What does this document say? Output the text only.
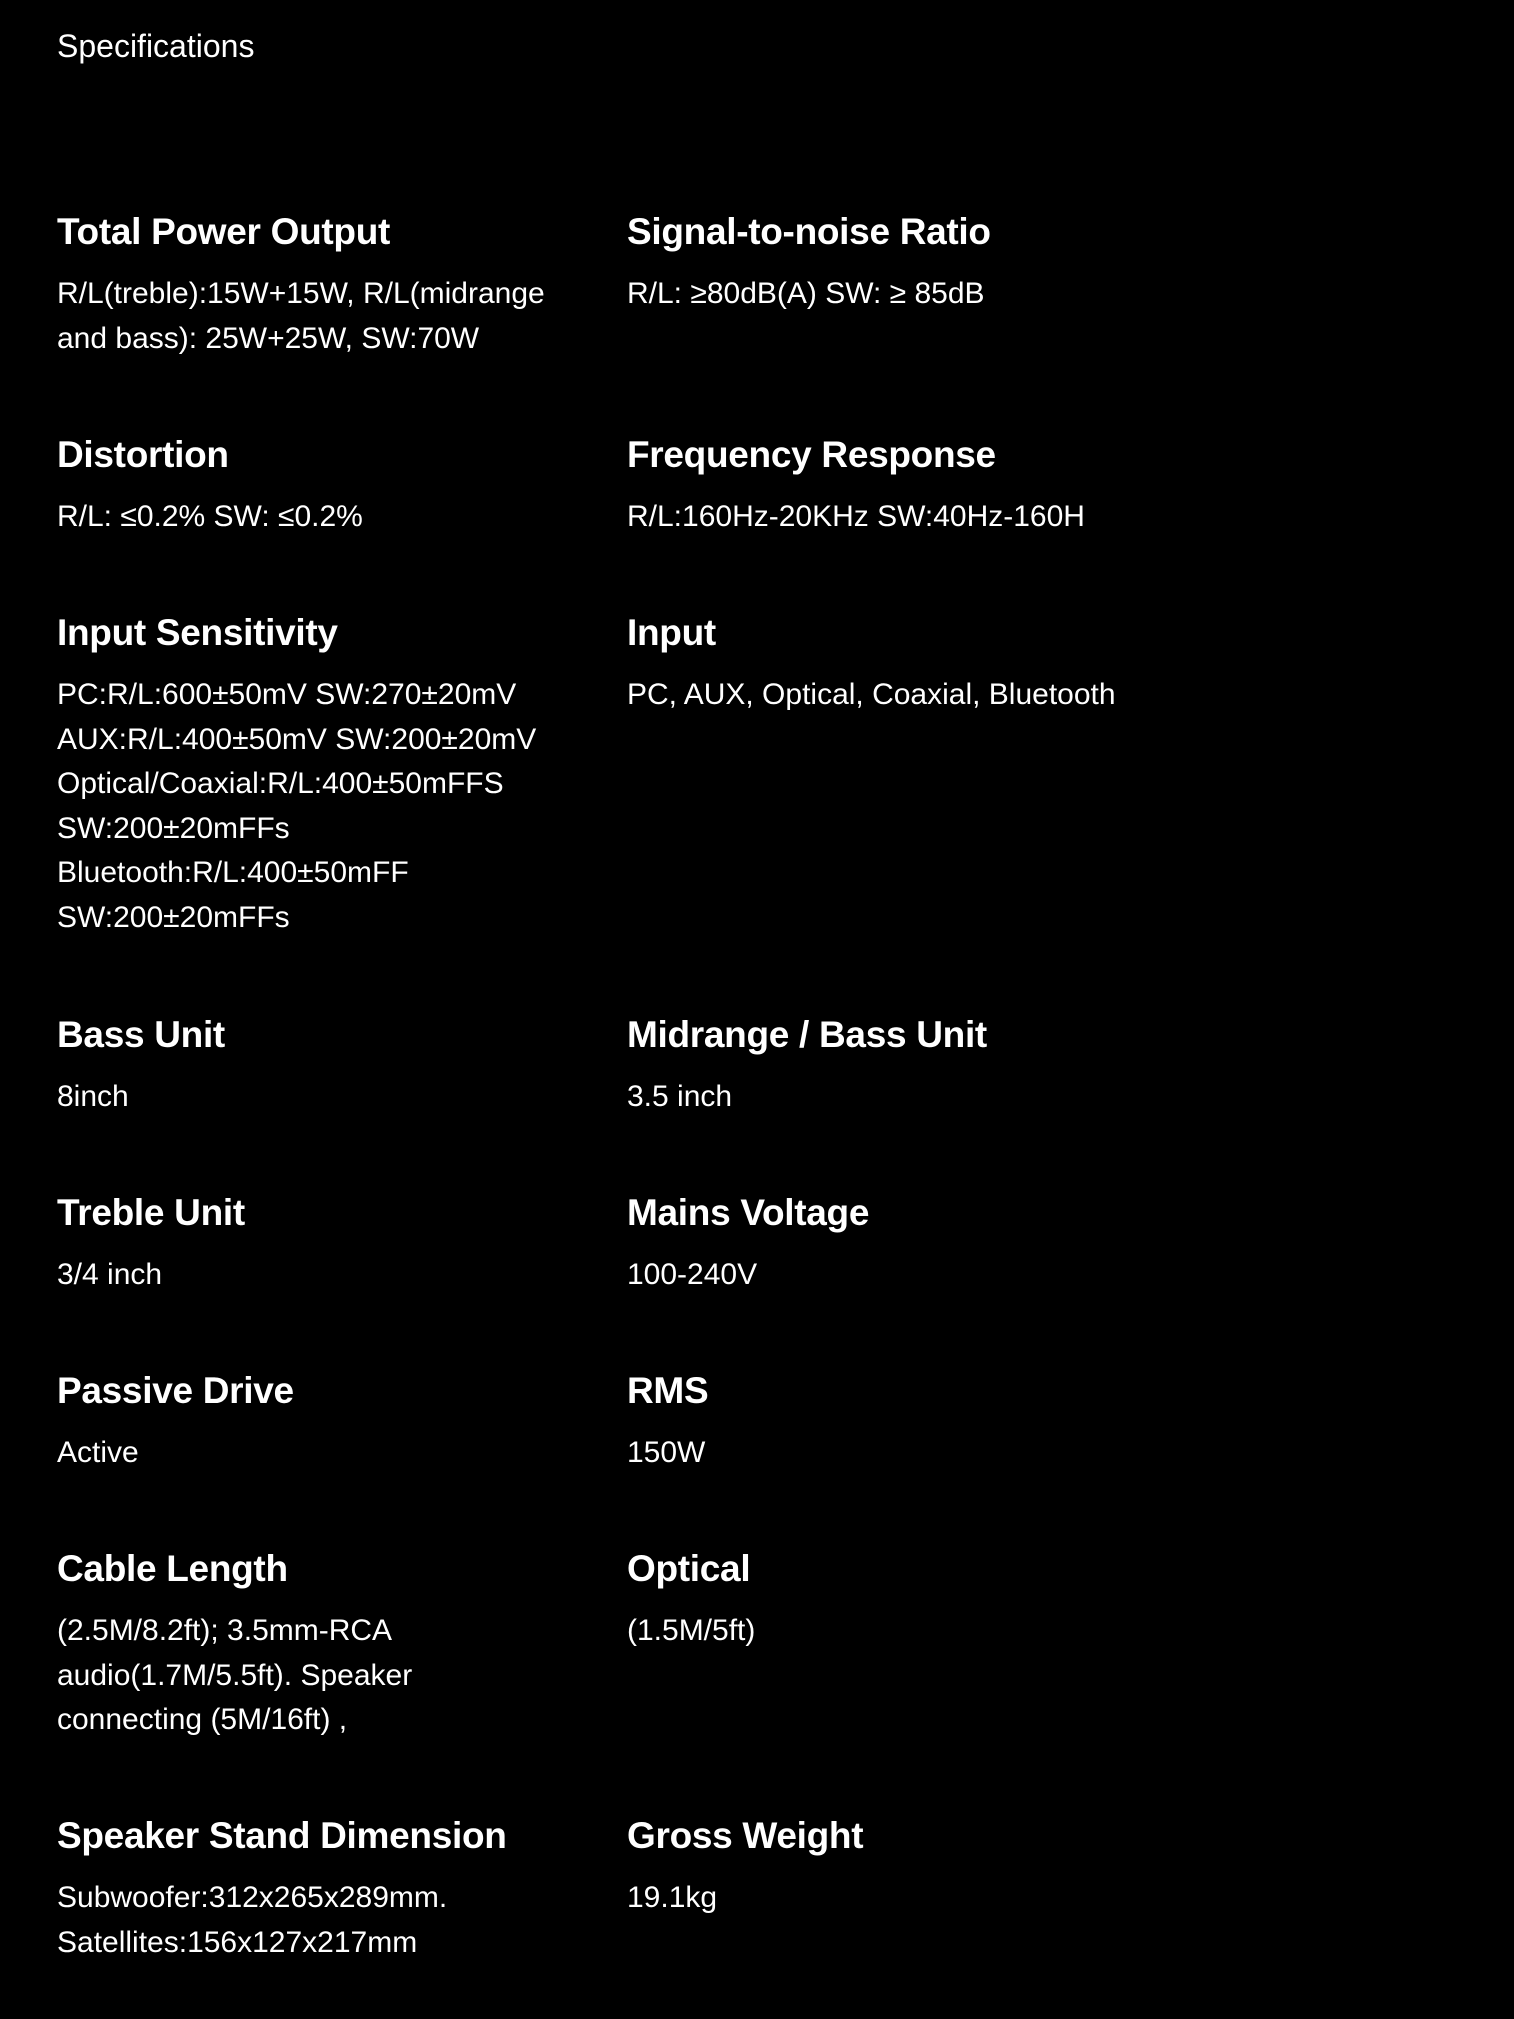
Specifications
Total Power Output
R/L(treble):15W+15W, R/L(midrange
and bass): 25W+25W, SW:70W
Signal-to-noise Ratio
R/L: ≥80dB(A) SW: ≥ 85dB
Distortion
R/L: ≤0.2% SW: ≤0.2%
Frequency Response
R/L:160Hz-20KHz SW:40Hz-160H
Input Sensitivity
PC:R/L:600±50mV SW:270±20mV
AUX:R/L:400±50mV SW:200±20mV
Optical/Coaxial:R/L:400±50mFFS
SW:200±20mFFs
Bluetooth:R/L:400±50mFF
SW:200±20mFFs
Input
PC, AUX, Optical, Coaxial, Bluetooth
Bass Unit
8inch
Midrange / Bass Unit
3.5 inch
Treble Unit
3/4 inch
Mains Voltage
100-240V
Passive Drive
Active
RMS
150W
Cable Length
(2.5M/8.2ft); 3.5mm-RCA
audio(1.7M/5.5ft). Speaker
connecting (5M/16ft) ,
Optical
(1.5M/5ft)
Speaker Stand Dimension
Subwoofer:312x265x289mm.
Satellites:156x127x217mm
Gross Weight
19.1kg
